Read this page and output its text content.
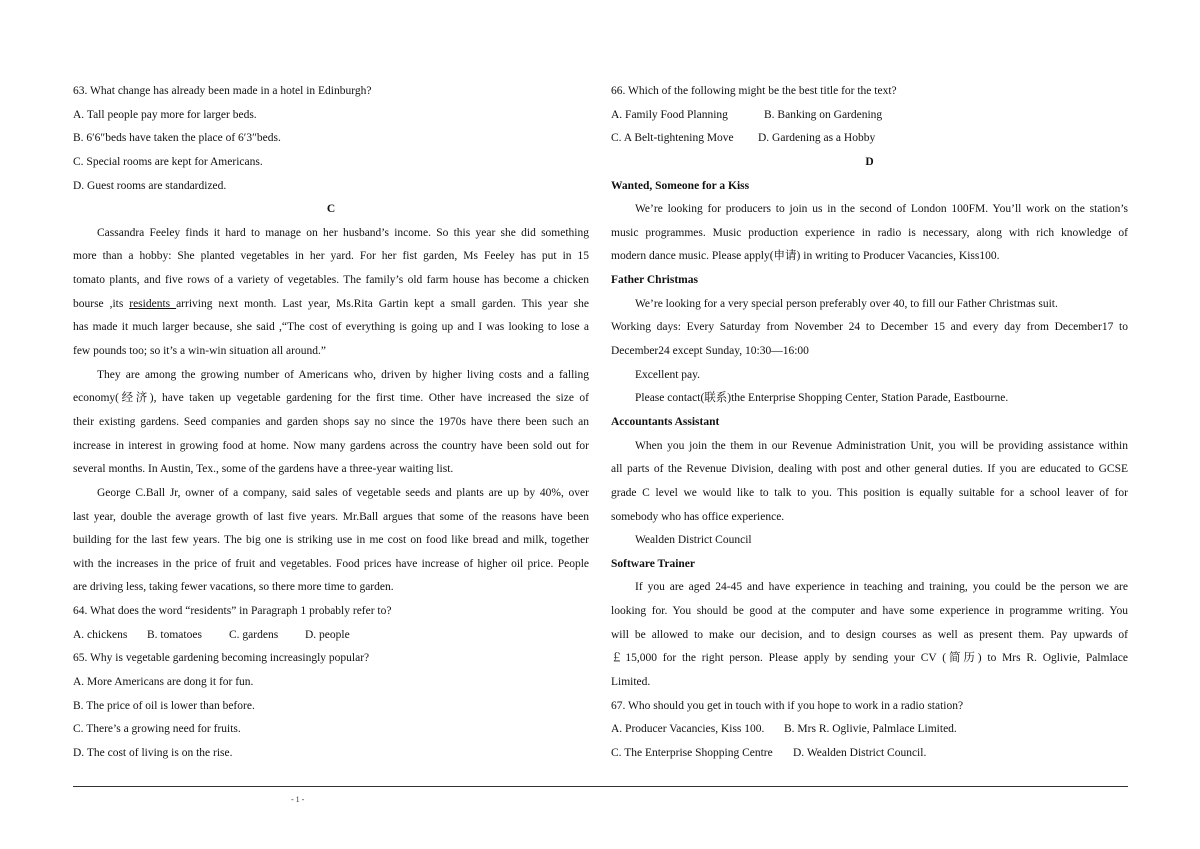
63. What change has already been made in a hotel in Edinburgh?
A. Tall people pay more for larger beds.
B. 6′6″beds have taken the place of 6′3″beds.
C. Special rooms are kept for Americans.
D. Guest rooms are standardized.
C
Cassandra Feeley finds it hard to manage on her husband’s income. So this year she did something
more than a hobby: She planted vegetables in her yard. For her fist garden, Ms Feeley has put in 15
tomato plants, and five rows of a variety of vegetables. The family’s old farm house has become a chicken
bourse ,its residents arriving next month. Last year, Ms.Rita Gartin kept a small garden. This year she
has made it much larger because, she said ,“The cost of everything is going up and I was looking to lose a
few pounds too; so it’s a win-win situation all around.”
They are among the growing number of Americans who, driven by higher living costs and a falling
economy(经济), have taken up vegetable gardening for the first time. Other have increased the size of
their existing gardens. Seed companies and garden shops say no since the 1970s have there been such an
increase in interest in growing food at home. Now many gardens across the country have been sold out for
several months. In Austin, Tex., some of the gardens have a three-year waiting list.
George C.Ball Jr, owner of a company, said sales of vegetable seeds and plants are up by 40%, over
last year, double the average growth of last five years. Mr.Ball argues that some of the reasons have been
building for the last few years. The big one is striking use in me cost on food like bread and milk, together
with the increases in the price of fruit and vegetables. Food prices have increase of higher oil price. People
are driving less, taking fewer vacations, so there more time to garden.
64. What does the word “residents” in Paragraph 1 probably refer to?
A. chickens B. tomatoes C. gardens D. people
65. Why is vegetable gardening becoming increasingly popular?
A. More Americans are dong it for fun.
B. The price of oil is lower than before.
C. There’s a growing need for fruits.
D. The cost of living is on the rise.
66. Which of the following might be the best title for the text?
A. Family Food Planning	B. Banking on Gardening
C. A Belt-tightening Move D. Gardening as a Hobby
D
Wanted, Someone for a Kiss
We’re looking for producers to join us in the second of London 100FM. You’ll work on the station’s
music programmes. Music production experience in radio is necessary, along with rich knowledge of
modern dance music. Please apply(申请) in writing to Producer Vacancies, Kiss100.
Father Christmas
We’re looking for a very special person preferably over 40, to fill our Father Christmas suit.
Working days: Every Saturday from November 24 to December 15 and every day from December17 to
December24 except Sunday, 10:30—16:00
Excellent pay.
Please contact(联系)the Enterprise Shopping Center, Station Parade, Eastbourne.
Accountants Assistant
When you join the them in our Revenue Administration Unit, you will be providing assistance within
all parts of the Revenue Division, dealing with post and other general duties. If you are educated to GCSE
grade C level we would like to talk to you. This position is equally suitable for a school leaver of for
somebody who has office experience.
Wealden District Council
Software Trainer
If you are aged 24-45 and have experience in teaching and training, you could be the person we are
looking for. You should be good at the computer and have some experience in programme writing. You
will be allowed to make our decision, and to design courses as well as present them. Pay upwards of
￡15,000 for the right person. Please apply by sending your CV (简历) to Mrs R. Oglivie, Palmlace
Limited.
67. Who should you get in touch with if you hope to work in a radio station?
A. Producer Vacancies, Kiss 100. B. Mrs R. Oglivie, Palmlace Limited.
C. The Enterprise Shopping Centre D. Wealden District Council.
- 1 -
